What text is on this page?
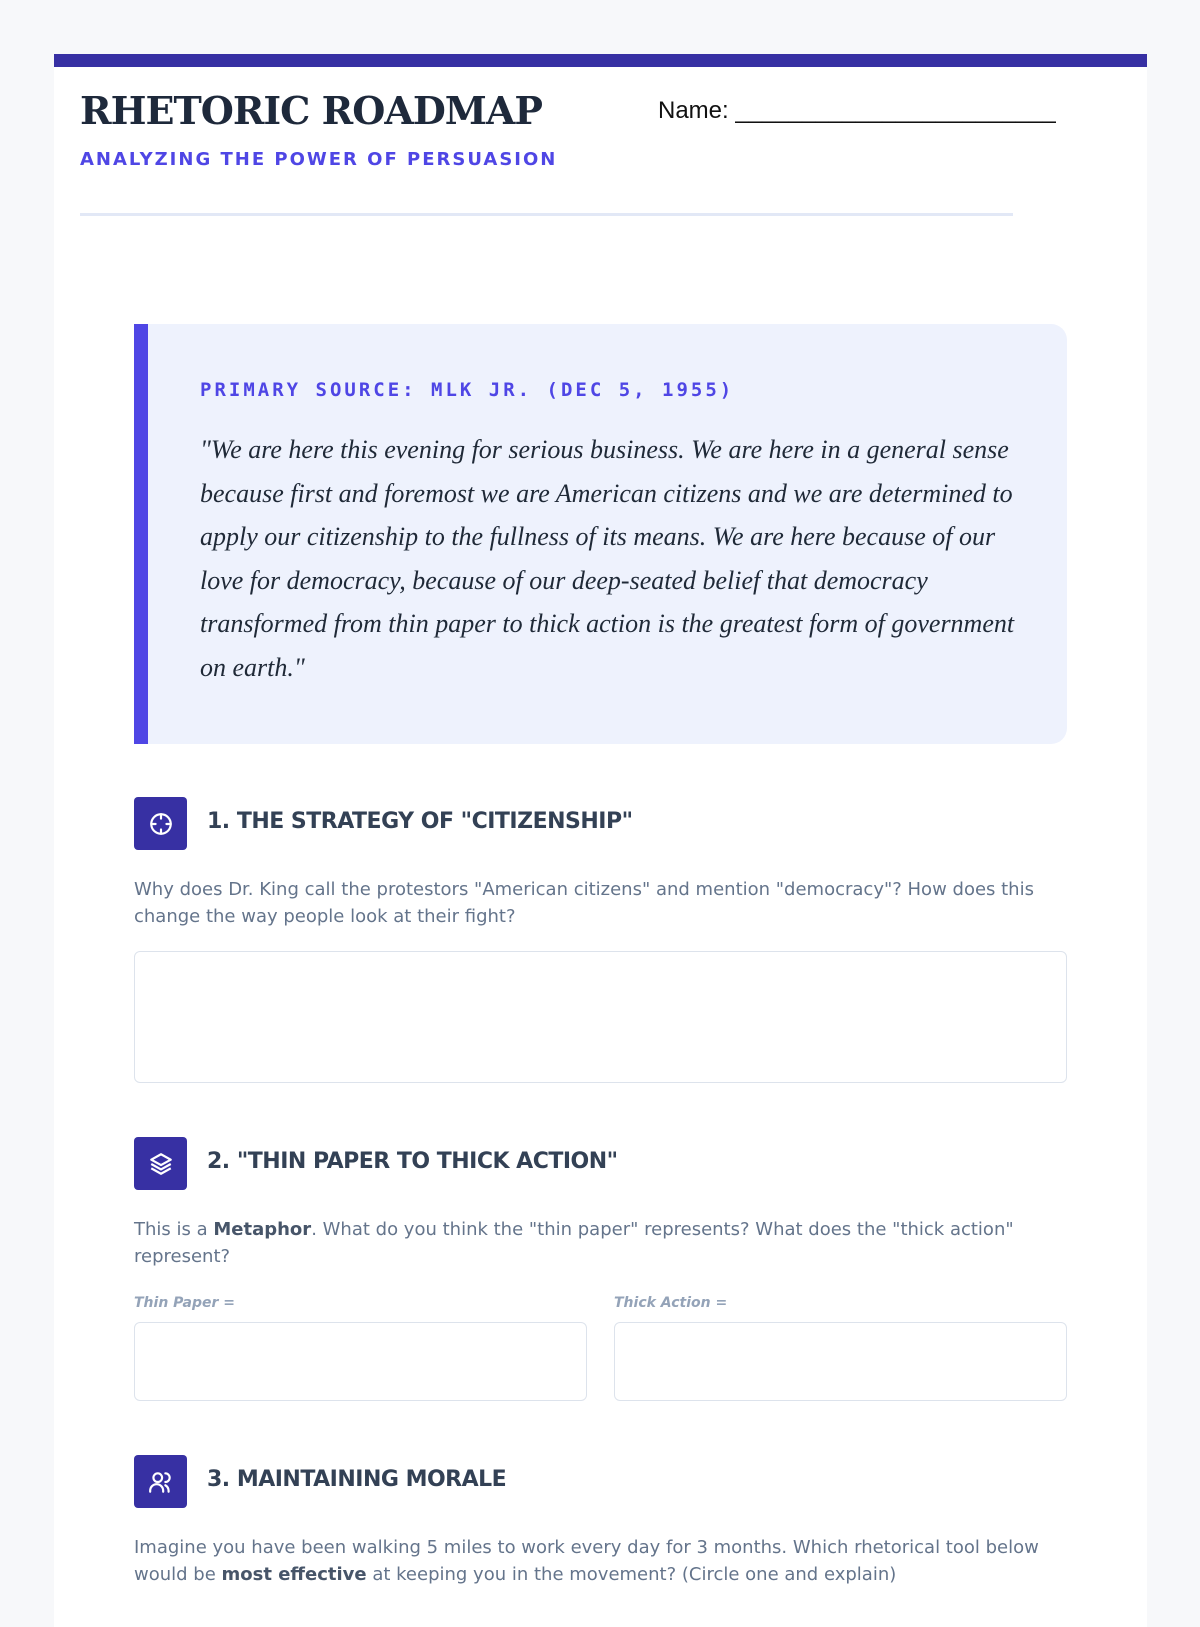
RHETORIC ROADMAP
ANALYZING THE POWER OF PERSUASION
Name: ________________________
PRIMARY SOURCE: MLK JR. (DEC 5, 1955)

"We are here this evening for serious business. We are here in a general sense because first and foremost we are American citizens and we are determined to apply our citizenship to the fullness of its means. We are here because of our love for democracy, because of our deep-seated belief that democracy transformed from thin paper to thick action is the greatest form of government on earth."

1. THE STRATEGY OF "CITIZENSHIP"
Why does Dr. King call the protestors "American citizens" and mention "democracy"? How does this change the way people look at their fight?
2. "THIN PAPER TO THICK ACTION"
This is a Metaphor. What do you think the "thin paper" represents? What does the "thick action" represent?
Thin Paper =	Thick Action =
3. MAINTAINING MORALE
Imagine you have been walking 5 miles to work every day for 3 months. Which rhetorical tool below would be most effective at keeping you in the movement? (Circle one and explain)
